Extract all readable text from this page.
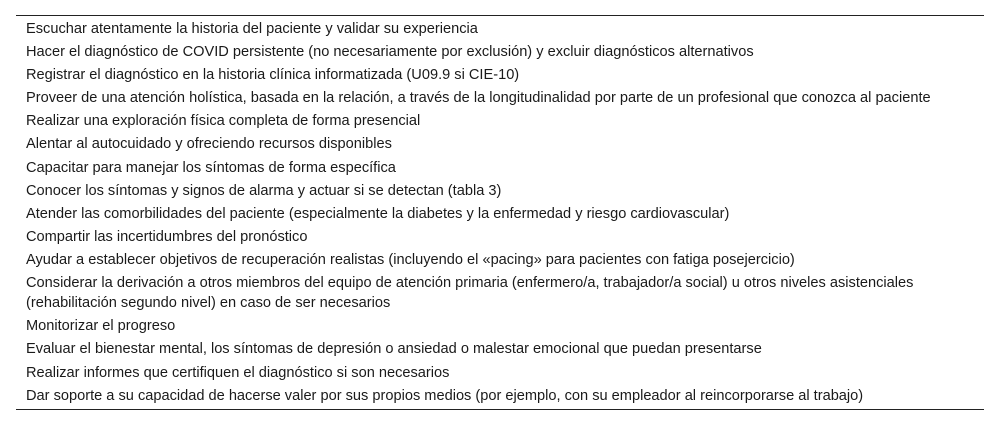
Escuchar atentamente la historia del paciente y validar su experiencia

Hacer el diagnóstico de COVID persistente (no necesariamente por exclusión) y excluir diagnósticos alternativos

Registrar el diagnóstico en la historia clínica informatizada (U09.9 si CIE-10)

Proveer de una atención holística, basada en la relación, a través de la longitudinalidad por parte de un profesional que conozca al paciente

Realizar una exploración física completa de forma presencial

Alentar al autocuidado y ofreciendo recursos disponibles

Capacitar para manejar los síntomas de forma específica

Conocer los síntomas y signos de alarma y actuar si se detectan (tabla 3)

Atender las comorbilidades del paciente (especialmente la diabetes y la enfermedad y riesgo cardiovascular)

Compartir las incertidumbres del pronóstico

Ayudar a establecer objetivos de recuperación realistas (incluyendo el «pacing» para pacientes con fatiga posejercicio)

Considerar la derivación a otros miembros del equipo de atención primaria (enfermero/a, trabajador/a social) u otros niveles asistenciales (rehabilitación segundo nivel) en caso de ser necesarios

Monitorizar el progreso

Evaluar el bienestar mental, los síntomas de depresión o ansiedad o malestar emocional que puedan presentarse

Realizar informes que certifiquen el diagnóstico si son necesarios

Dar soporte a su capacidad de hacerse valer por sus propios medios (por ejemplo, con su empleador al reincorporarse al trabajo)
